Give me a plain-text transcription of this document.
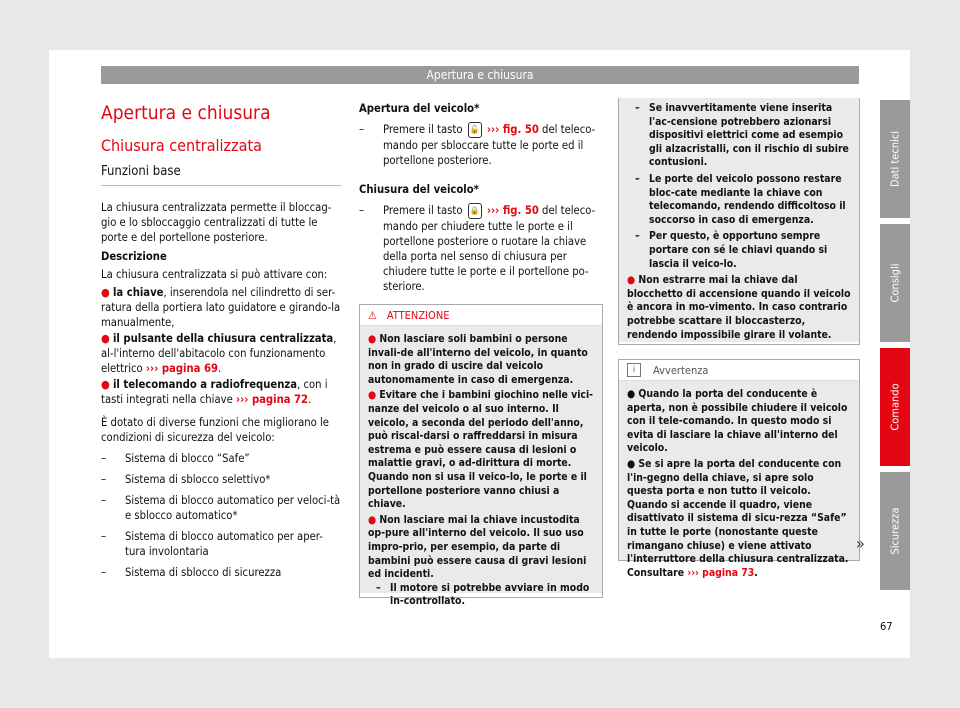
Apertura e chiusura
Dati tecnici
Consigli
Comando
Sicurezza
Apertura e chiusura
Chiusura centralizzata
Funzioni base

La chiusura centralizzata permette il bloccag-gio e lo sbloccaggio centralizzati di tutte le porte e del portellone posteriore.

Descrizione

La chiusura centralizzata si può attivare con:

● la chiave, inserendola nel cilindretto di ser-ratura della portiera lato guidatore e girando-la manualmente,

● il pulsante della chiusura centralizzata, al-l'interno dell'abitacolo con funzionamento elettrico ››› pagina 69.

● il telecomando a radiofrequenza, con i tasti integrati nella chiave ››› pagina 72.

È dotato di diverse funzioni che migliorano le condizioni di sicurezza del veicolo:

–	Sistema di blocco “Safe”
–	Sistema di sblocco selettivo*
–	Sistema di blocco automatico per veloci-tà e sblocco automatico*
–	Sistema di blocco automatico per aper-tura involontaria
–	Sistema di sblocco di sicurezza

Apertura del veicolo*

–	Premere il tasto 🔓 ››› fig. 50 del teleco-mando per sbloccare tutte le porte ed il portellone posteriore.

Chiusura del veicolo*

–	Premere il tasto 🔒 ››› fig. 50 del teleco-mando per chiudere tutte le porte e il portellone posteriore o ruotare la chiave della porta nel senso di chiusura per chiudere tutte le porte e il portellone po-steriore.
⚠ ATTENZIONE

● Non lasciare soli bambini o persone invali-de all'interno del veicolo, in quanto non in grado di uscire dal veicolo autonomamente in caso di emergenza.

● Evitare che i bambini giochino nelle vici-nanze del veicolo o al suo interno. Il veicolo, a seconda del periodo dell'anno, può riscal-darsi o raffreddarsi in misura estrema e può essere causa di lesioni o malattie gravi, o ad-dirittura di morte. Quando non si usa il veico-lo, le porte e il portellone posteriore vanno chiusi a chiave.

● Non lasciare mai la chiave incustodita op-pure all'interno del veicolo. Il suo uso impro-prio, per esempio, da parte di bambini può essere causa di gravi lesioni ed incidenti.

– Il motore si potrebbe avviare in modo in-controllato.
– Se inavvertitamente viene inserita l'ac-censione potrebbero azionarsi dispositivi elettrici come ad esempio gli alzacristalli, con il rischio di subire contusioni.
– Le porte del veicolo possono restare bloc-cate mediante la chiave con telecomando, rendendo difficoltoso il soccorso in caso di emergenza.
– Per questo, è opportuno sempre portare con sé le chiavi quando si lascia il veico-lo.

● Non estrarre mai la chiave dal blocchetto di accensione quando il veicolo è ancora in mo-vimento. In caso contrario potrebbe scattare il bloccasterzo, rendendo impossibile girare il volante.

i	Avvertenza

● Quando la porta del conducente è aperta, non è possibile chiudere il veicolo con il tele-comando. In questo modo si evita di lasciare la chiave all'interno del veicolo.

● Se si apre la porta del conducente con l'in-gegno della chiave, si apre solo questa porta e non tutto il veicolo. Quando si accende il quadro, viene disattivato il sistema di sicu-rezza “Safe” in tutte le porte (nonostante queste rimangano chiuse) e viene attivato l'interruttore della chiusura centralizzata. Consultare ››› pagina 73.

»
67
